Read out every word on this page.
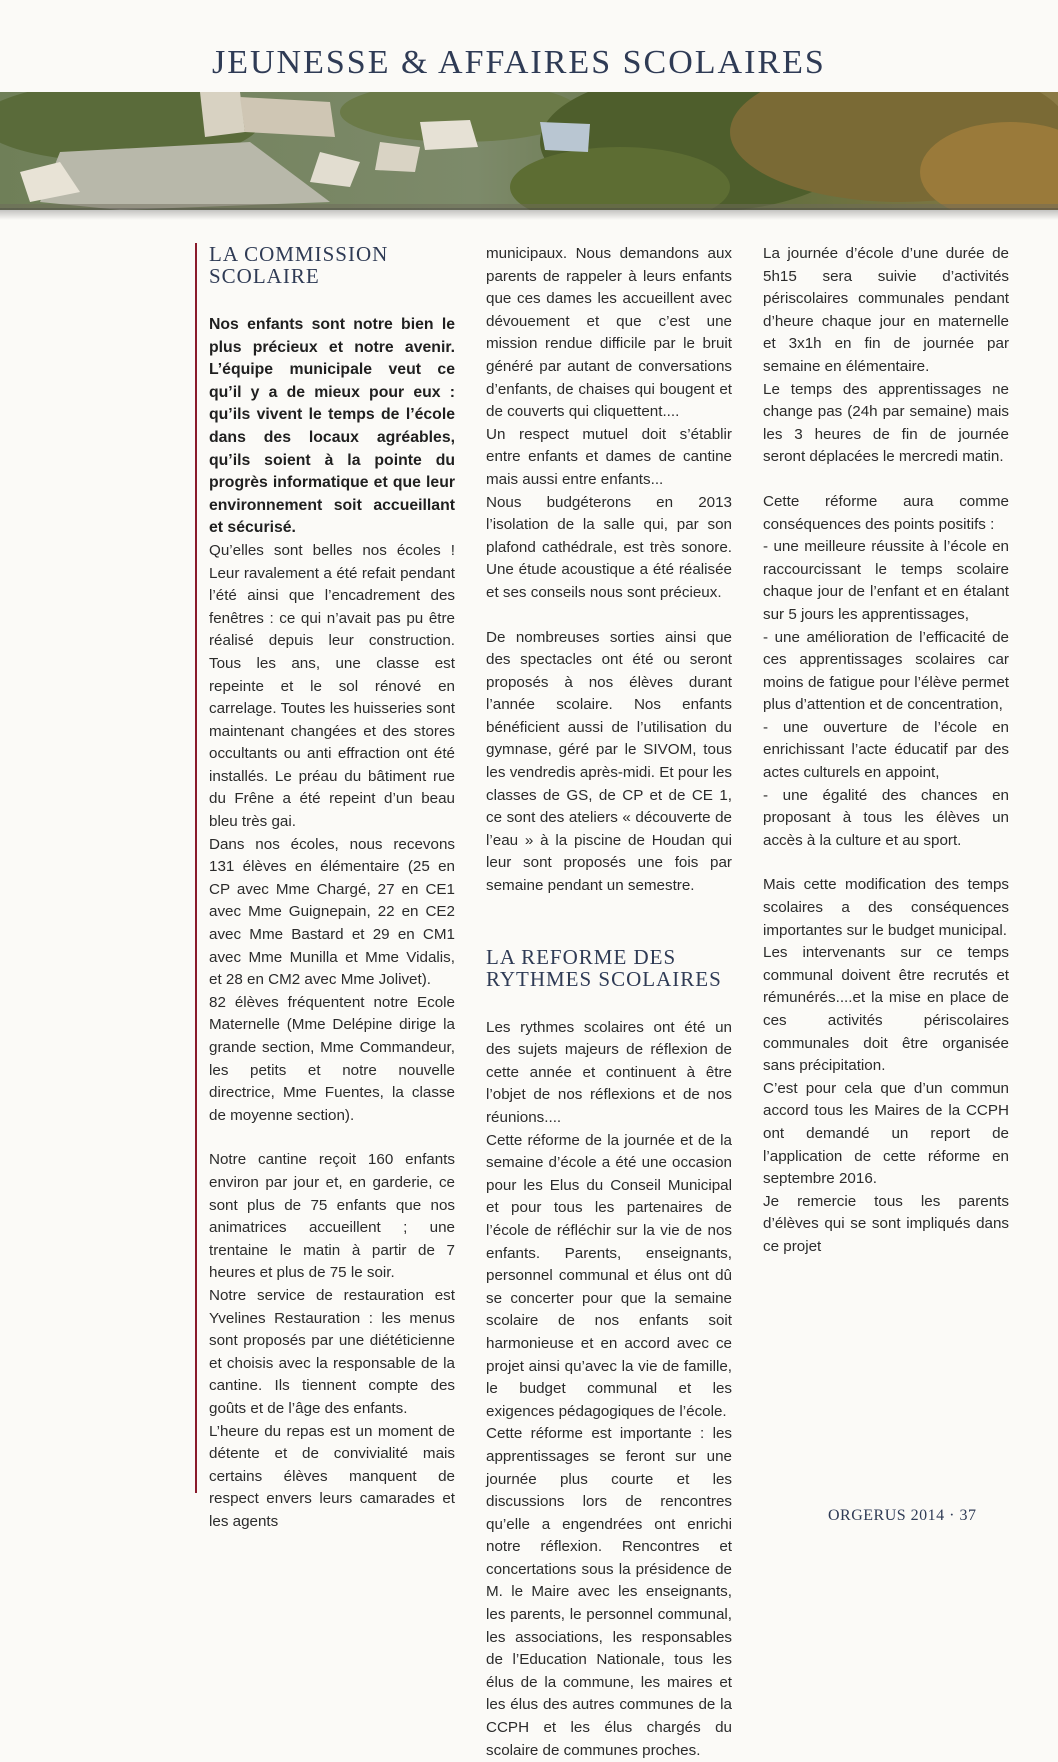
JEUNESSE & AFFAIRES SCOLAIRES
LA COMMISSION
SCOLAIRE

Nos enfants sont notre bien le plus précieux et notre avenir. L’équipe municipale veut ce qu’il y a de mieux pour eux : qu’ils vivent le temps de l’école dans des locaux agréables, qu’ils soient à la pointe du progrès informatique et que leur environnement soit accueillant et sécurisé.

Qu’elles sont belles nos écoles ! Leur ravalement a été refait pendant l’été ainsi que l’encadrement des fenêtres : ce qui n’avait pas pu être réalisé depuis leur construction. Tous les ans, une classe est repeinte et le sol rénové en carrelage. Toutes les huisseries sont maintenant changées et des stores occultants ou anti effraction ont été installés. Le préau du bâtiment rue du Frêne a été repeint d’un beau bleu très gai.

Dans nos écoles, nous recevons 131 élèves en élémentaire (25 en CP avec Mme Chargé, 27 en CE1 avec Mme Guignepain, 22 en CE2 avec Mme Bastard et 29 en CM1 avec Mme Munilla et Mme Vidalis, et 28 en CM2 avec Mme Jolivet).

82 élèves fréquentent notre Ecole Maternelle (Mme Delépine dirige la grande section, Mme Commandeur, les petits et notre nouvelle directrice, Mme Fuentes, la classe de moyenne section).

Notre cantine reçoit 160 enfants environ par jour et, en garderie, ce sont plus de 75 enfants que nos animatrices accueillent ; une trentaine le matin à partir de 7 heures et plus de 75 le soir.

Notre service de restauration est Yvelines Restauration : les menus sont proposés par une diététicienne et choisis avec la responsable de la cantine. Ils tiennent compte des goûts et de l’âge des enfants.

L’heure du repas est un moment de détente et de convivialité mais certains élèves manquent de respect envers leurs camarades et les agents

municipaux. Nous demandons aux parents de rappeler à leurs enfants que ces dames les accueillent avec dévouement et que c’est une mission rendue difficile par le bruit généré par autant de conversations d’enfants, de chaises qui bougent et de couverts qui cliquettent....

Un respect mutuel doit s’établir entre enfants et dames de cantine mais aussi entre enfants...

Nous budgéterons en 2013 l’isolation de la salle qui, par son plafond cathédrale, est très sonore. Une étude acoustique a été réalisée et ses conseils nous sont précieux.

De nombreuses sorties ainsi que des spectacles ont été ou seront proposés à nos élèves durant l’année scolaire. Nos enfants bénéficient aussi de l’utilisation du gymnase, géré par le SIVOM, tous les vendredis après-midi. Et pour les classes de GS, de CP et de CE 1, ce sont des ateliers « découverte de l’eau » à la piscine de Houdan qui leur sont proposés une fois par semaine pendant un semestre.

LA REFORME DES
RYTHMES SCOLAIRES

Les rythmes scolaires ont été un des sujets majeurs de réflexion de cette année et continuent à être l’objet de nos réflexions et de nos réunions....

Cette réforme de la journée et de la semaine d’école a été une occasion pour les Elus du Conseil Municipal et pour tous les partenaires de l’école de réfléchir sur la vie de nos enfants. Parents, enseignants, personnel communal et élus ont dû se concerter pour que la semaine scolaire de nos enfants soit harmonieuse et en accord avec ce projet ainsi qu’avec la vie de famille, le budget communal et les exigences pédagogiques de l’école.

Cette réforme est importante : les apprentissages se feront sur une journée plus courte et les discussions lors de rencontres qu’elle a engendrées ont enrichi notre réflexion. Rencontres et concertations sous la présidence de M. le Maire avec les enseignants, les parents, le personnel communal, les associations, les responsables de l’Education Nationale, tous les élus de la commune, les maires et les élus des autres communes de la CCPH et les élus chargés du scolaire de communes proches.

La journée d’école d’une durée de 5h15 sera suivie d’activités périscolaires communales pendant d’heure chaque jour en maternelle et 3x1h en fin de journée par semaine en élémentaire.

Le temps des apprentissages ne change pas (24h par semaine) mais les 3 heures de fin de journée seront déplacées le mercredi matin.

Cette réforme aura comme conséquences des points positifs :

- une meilleure réussite à l’école en raccourcissant le temps scolaire chaque jour de l’enfant et en étalant sur 5 jours les apprentissages,

- une amélioration de l’efficacité de ces apprentissages scolaires car moins de fatigue pour l’élève permet plus d’attention et de concentration,

- une ouverture de l’école en enrichissant l’acte éducatif par des actes culturels en appoint,

- une égalité des chances en proposant à tous les élèves un accès à la culture et au sport.

Mais cette modification des temps scolaires a des conséquences importantes sur le budget municipal.

Les intervenants sur ce temps communal doivent être recrutés et rémunérés....et la mise en place de ces activités périscolaires communales doit être organisée sans précipitation.

C’est pour cela que d’un commun accord tous les Maires de la CCPH ont demandé un report de l’application de cette réforme en septembre 2016.

Je remercie tous les parents d’élèves qui se sont impliqués dans ce projet

ORGERUS 2014 · 37
